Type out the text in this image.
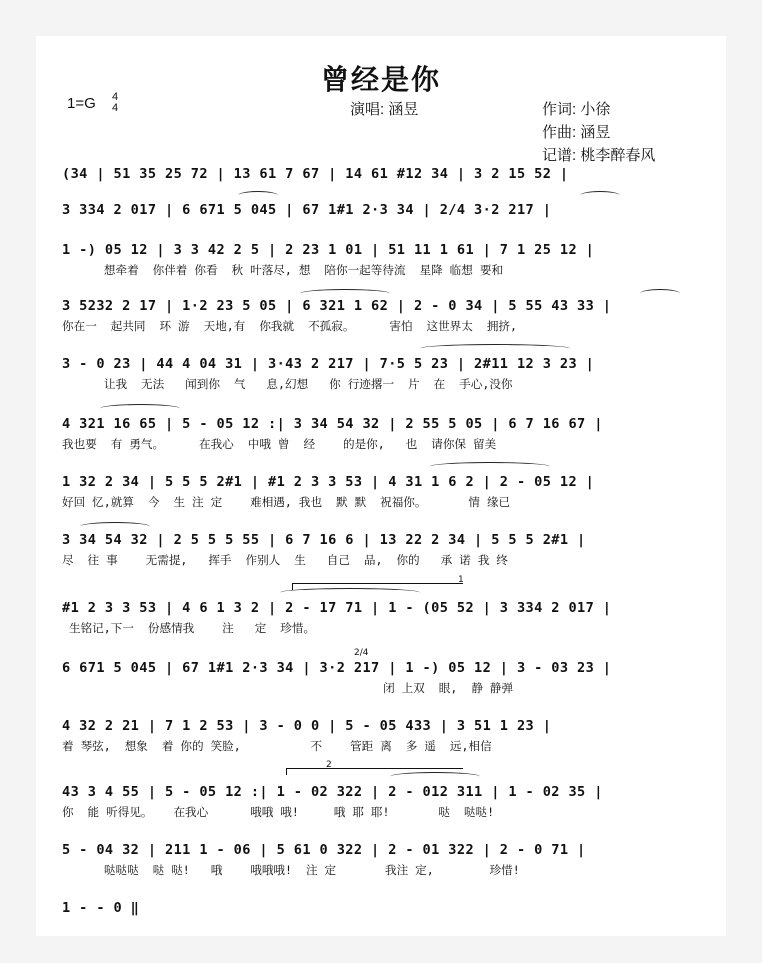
曾经是你
1=G 4
4	演唱: 涵昱	作词: 小徐
作曲: 涵昱
记谱: 桃李醉春风
(34 | 51 35 25 72 | 13 61 7 67 | 14 61 #12 34 | 3 2 15 52 |
3 334 2 017 | 6 671 5 045 | 67 1#1 2·3 34 | 2/4 3·2 217 |
1 -) 05 12 | 3 3 42 2 5 | 2 23 1 01 | 51 11 1 61 | 7 1 25 12 |
想牵着  你伴着 你看  秋 叶落尽, 想  陪你一起等待流  星降 临想 要和
3 5232 2 17 | 1·2 23 5 05 | 6 321 1 62 | 2 - 0 34 | 5 55 43 33 |
你在一  起共同  环 游  天地,有  你我就  不孤寂。     害怕  这世界太  拥挤,
3 - 0 23 | 44 4 04 31 | 3·43 2 217 | 7·5 5 23 | 2#11 12 3 23 |
让我  无法   闻到你  气   息,幻想   你 行迹撂一  片  在  手心,没你
4 321 16 65 | 5 - 05 12 :| 3 34 54 32 | 2 55 5 05 | 6 7 16 67 |
我也要  有 勇气。     在我心  中哦 曾  经    的是你,   也  请你保 留美
1 32 2 34 | 5 5 5 2#1 | #1 2 3 3 53 | 4 31 1 6 2 | 2 - 05 12 |
好回 忆,就算  今  生 注 定    难相遇, 我也  默 默  祝福你。      情 缘已
3 34 54 32 | 2 5 5 5 55 | 6 7 16 6 | 13 22 2 34 | 5 5 5 2#1 |
尽  往 事    无需提,   挥手  作别人  生   自己  品,  你的   承 诺 我 终
#1 2 3 3 53 | 4 6 1 3 2 | 2 - 17 71 | 1 - (05 52 | 3 334 2 017 |
生铭记,下一  份感情我    注   定  珍惜。
6 671 5 045 | 67 1#1 2·3 34 | 3·2 217 | 1 -) 05 12 | 3 - 03 23 |
闭 上双  眼,  静 静弹
4 32 2 21 | 7 1 2 53 | 3 - 0 0 | 5 - 05 433 | 3 51 1 23 |
着 琴弦,  想象  着 你的 笑脸,          不    管距 离  多 遥  远,相信
43 3 4 55 | 5 - 05 12 :| 1 - 02 322 | 2 - 012 311 | 1 - 02 35 |
你  能 听得见。   在我心      哦哦 哦!     哦 耶 耶!       哒  哒哒!
5 - 04 32 | 211 1 - 06 | 5 61 0 322 | 2 - 01 322 | 2 - 0 71 |
哒哒哒  哒 哒!   哦    哦哦哦!  注 定       我注 定,        珍惜!
1 - - 0 ‖
1
2
2/4
